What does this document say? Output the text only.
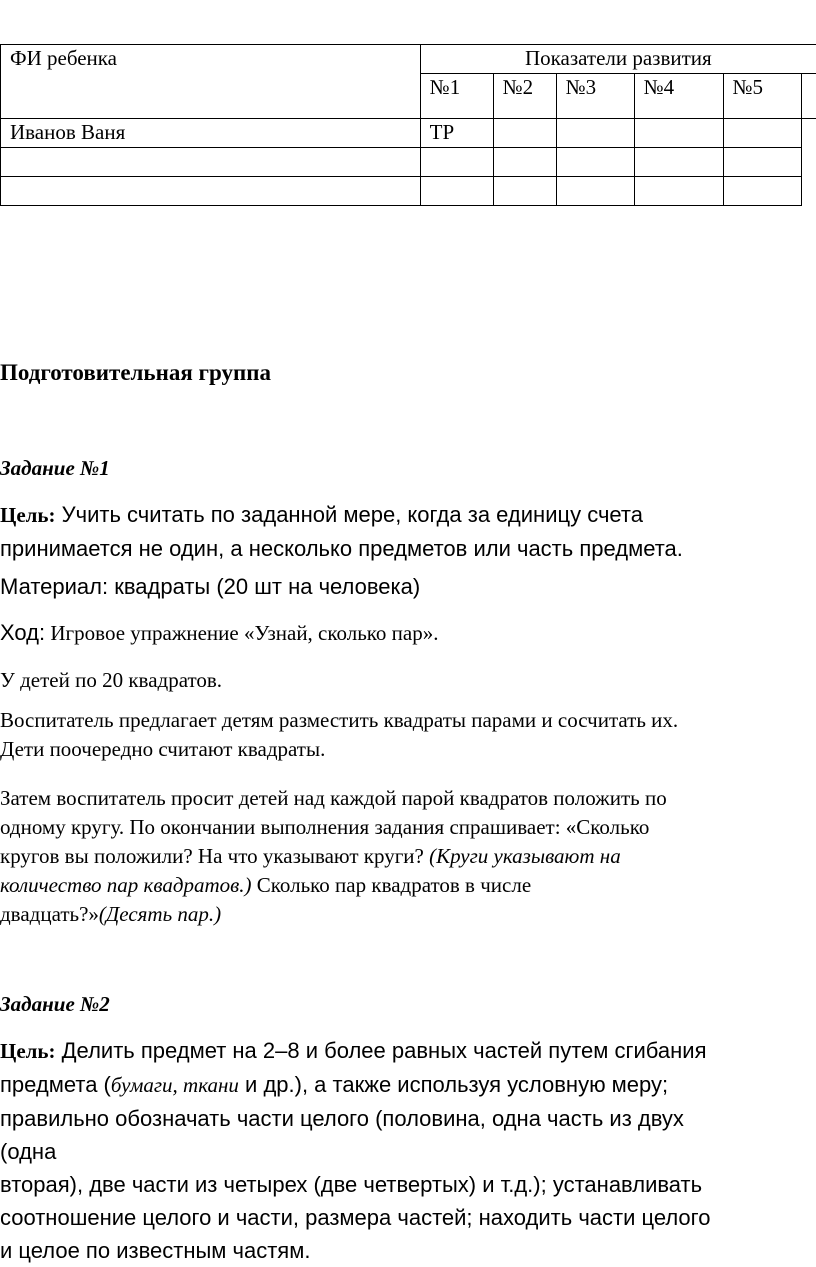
ФИ ребенка	Показатели развития					
	№1	№2	№3	№4	№5	
Иванов Ваня	ТР					

Подготовительная группа
Задание №1
Цель: Учить считать по заданной мере, когда за единицу счета
принимается не один, а несколько предметов или часть предмета.
Материал: квадраты (20 шт на человека)
Ход: Игровое упражнение «Узнай, сколько пар».
У детей по 20 квадратов.
Воспитатель предлагает детям разместить квадраты парами и сосчитать их.
Дети поочередно считают квадраты.
Затем воспитатель просит детей над каждой парой квадратов положить по
одному кругу. По окончании выполнения задания спрашивает: «Сколько
кругов вы положили? На что указывают круги? (Круги указывают на
количество пар квадратов.) Сколько пар квадратов в числе
двадцать?»(Десять пар.)
Задание №2
Цель: Делить предмет на 2–8 и более равных частей путем сгибания
предмета (бумаги, ткани и др.), а также используя условную меру;
правильно обозначать части целого (половина, одна часть из двух
(одна
вторая), две части из четырех (две четвертых) и т.д.); устанавливать
соотношение целого и части, размера частей; находить части целого
и целое по известным частям.
